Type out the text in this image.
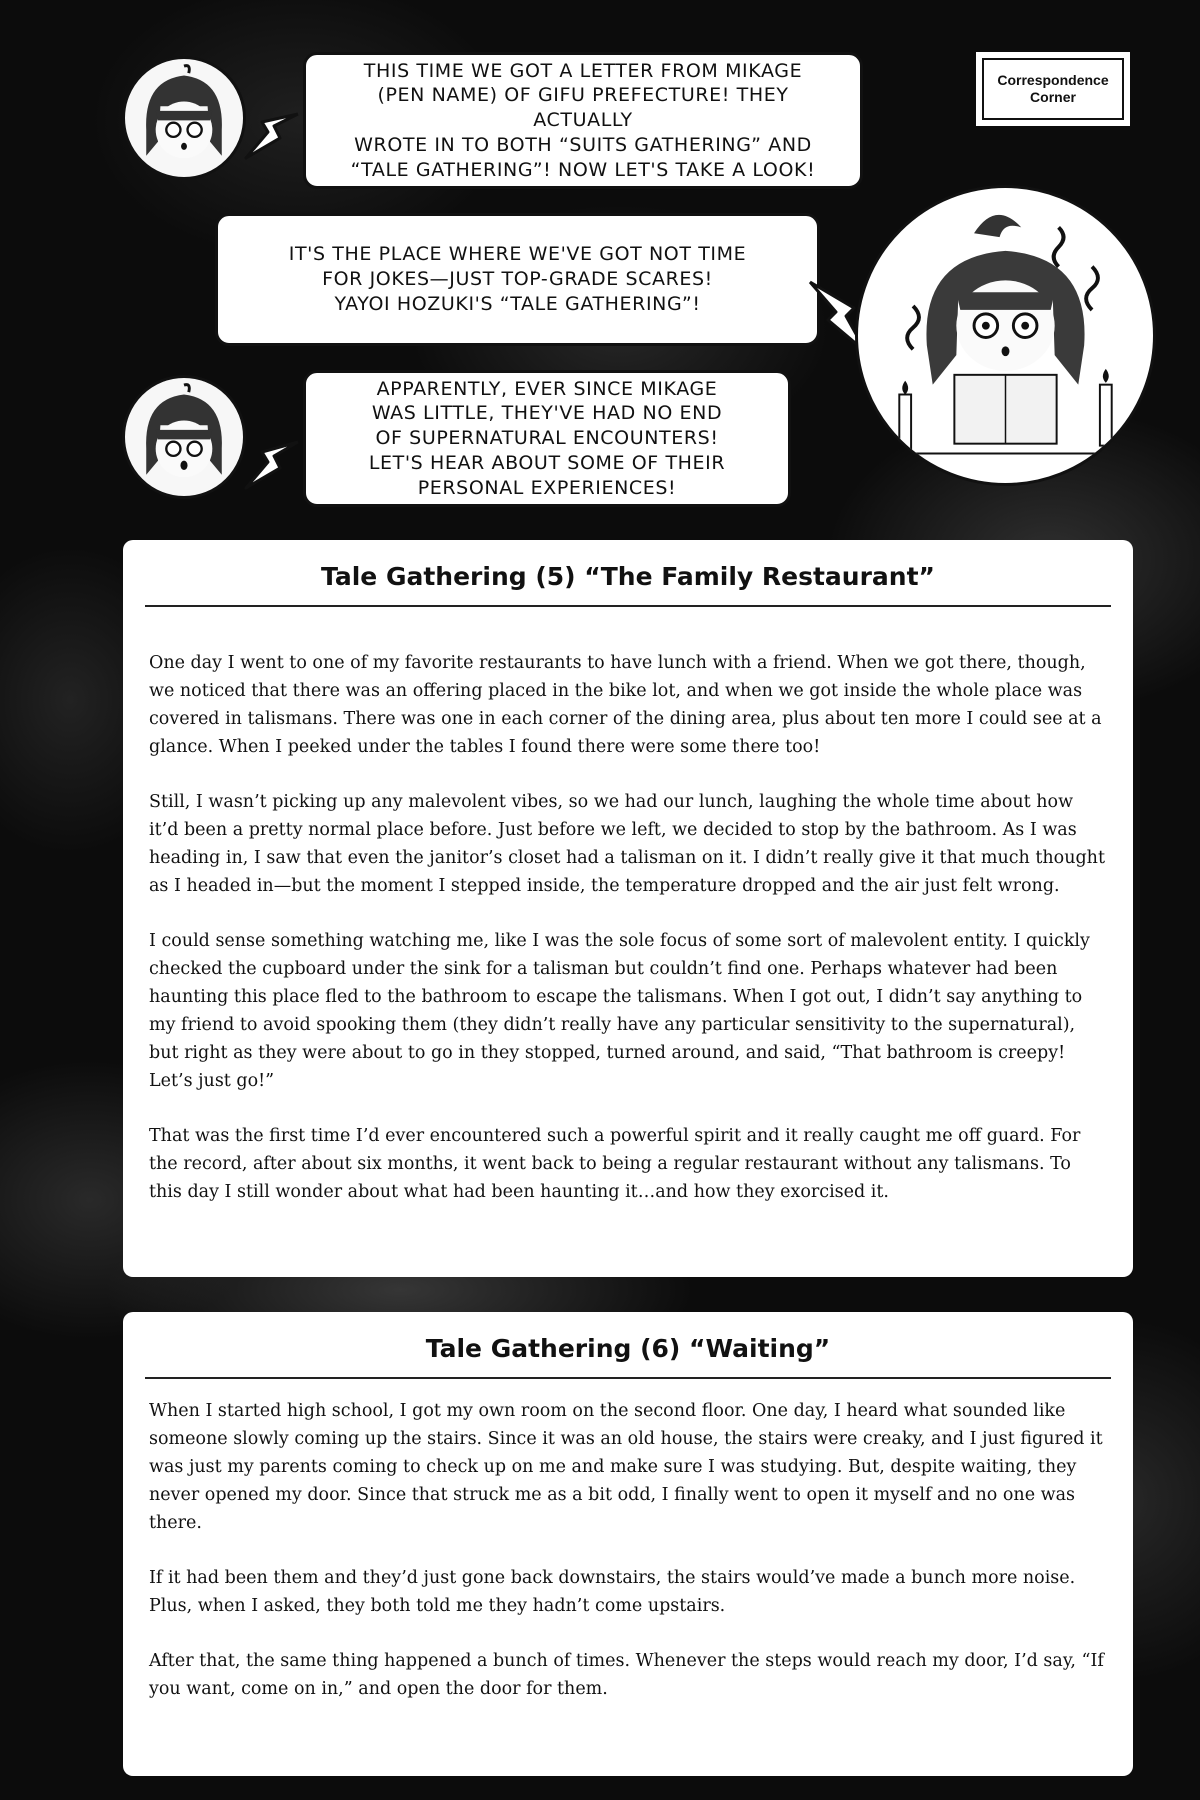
Correspondence
Corner
THIS TIME WE GOT A LETTER FROM MIKAGE
(PEN NAME) OF GIFU PREFECTURE! THEY ACTUALLY
WROTE IN TO BOTH “SUITS GATHERING” AND
“TALE GATHERING”! NOW LET'S TAKE A LOOK!
IT'S THE PLACE WHERE WE'VE GOT NOT TIME
FOR JOKES—JUST TOP-GRADE SCARES!
YAYOI HOZUKI'S “TALE GATHERING”!
APPARENTLY, EVER SINCE MIKAGE
WAS LITTLE, THEY'VE HAD NO END
OF SUPERNATURAL ENCOUNTERS!
LET'S HEAR ABOUT SOME OF THEIR
PERSONAL EXPERIENCES!
Tale Gathering (5) “The Family Restaurant”

One day I went to one of my favorite restaurants to have lunch with a friend. When we got there, though, we noticed that there was an offering placed in the bike lot, and when we got inside the whole place was covered in talismans. There was one in each corner of the dining area, plus about ten more I could see at a glance. When I peeked under the tables I found there were some there too!

Still, I wasn’t picking up any malevolent vibes, so we had our lunch, laughing the whole time about how it’d been a pretty normal place before. Just before we left, we decided to stop by the bathroom. As I was heading in, I saw that even the janitor’s closet had a talisman on it. I didn’t really give it that much thought as I headed in—but the moment I stepped inside, the temperature dropped and the air just felt wrong.

I could sense something watching me, like I was the sole focus of some sort of malevolent entity. I quickly checked the cupboard under the sink for a talisman but couldn’t find one. Perhaps whatever had been haunting this place fled to the bathroom to escape the talismans. When I got out, I didn’t say anything to my friend to avoid spooking them (they didn’t really have any particular sensitivity to the supernatural), but right as they were about to go in they stopped, turned around, and said, “That bathroom is creepy! Let’s just go!”

That was the first time I’d ever encountered such a powerful spirit and it really caught me off guard. For the record, after about six months, it went back to being a regular restaurant without any talismans. To this day I still wonder about what had been haunting it…and how they exorcised it.

Tale Gathering (6) “Waiting”

When I started high school, I got my own room on the second floor. One day, I heard what sounded like someone slowly coming up the stairs. Since it was an old house, the stairs were creaky, and I just figured it was just my parents coming to check up on me and make sure I was studying. But, despite waiting, they never opened my door. Since that struck me as a bit odd, I finally went to open it myself and no one was there.

If it had been them and they’d just gone back downstairs, the stairs would’ve made a bunch more noise. Plus, when I asked, they both told me they hadn’t come upstairs.

After that, the same thing happened a bunch of times. Whenever the steps would reach my door, I’d say, “If you want, come on in,” and open the door for them.
